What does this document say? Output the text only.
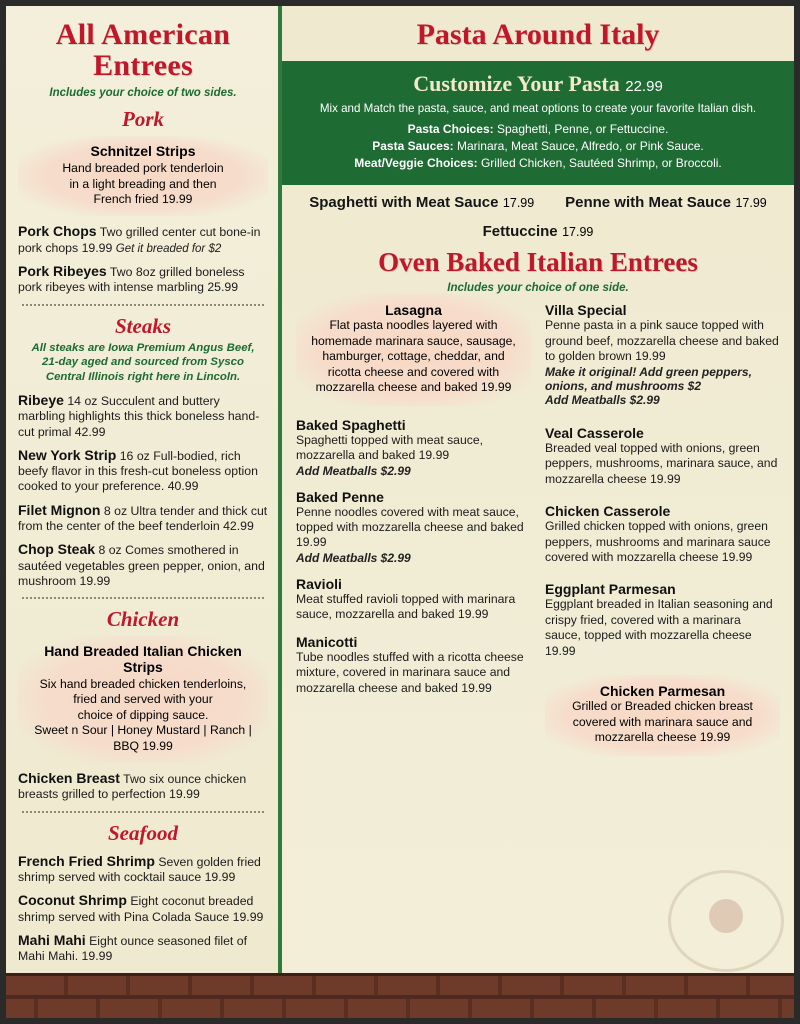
All American
Entrees
Includes your choice of two sides.
Pork
Schnitzel Strips
Hand breaded pork tenderloin
in a light breading and then
French fried 19.99
Pork Chops Two grilled center cut bone-in pork chops 19.99 Get it breaded for $2
Pork Ribeyes Two 8oz grilled boneless pork ribeyes with intense marbling 25.99
Steaks
All steaks are Iowa Premium Angus Beef, 21-day aged and sourced from Sysco Central Illinois right here in Lincoln.
Ribeye 14 oz Succulent and buttery marbling highlights this thick boneless hand-cut primal 42.99
New York Strip 16 oz Full-bodied, rich beefy flavor in this fresh-cut boneless option cooked to your preference. 40.99
Filet Mignon 8 oz Ultra tender and thick cut from the center of the beef tenderloin 42.99
Chop Steak 8 oz Comes smothered in sautéed vegetables green pepper, onion, and mushroom 19.99
Chicken
Hand Breaded Italian Chicken Strips
Six hand breaded chicken tenderloins,
fried and served with your
choice of dipping sauce.
Sweet n Sour | Honey Mustard | Ranch | BBQ 19.99
Chicken Breast Two six ounce chicken breasts grilled to perfection 19.99
Seafood
French Fried Shrimp Seven golden fried shrimp served with cocktail sauce 19.99
Coconut Shrimp Eight coconut breaded shrimp served with Pina Colada Sauce 19.99
Mahi Mahi Eight ounce seasoned filet of Mahi Mahi. 19.99
Pasta Around Italy
Customize Your Pasta 22.99
Mix and Match the pasta, sauce, and meat options to create your favorite Italian dish.
Pasta Choices: Spaghetti, Penne, or Fettuccine.
Pasta Sauces: Marinara, Meat Sauce, Alfredo, or Pink Sauce.
Meat/Veggie Choices: Grilled Chicken, Sautéed Shrimp, or Broccoli.
Spaghetti with Meat Sauce 17.99 Penne with Meat Sauce 17.99
Fettuccine 17.99
Oven Baked Italian Entrees
Includes your choice of one side.
Lasagna
Flat pasta noodles layered with homemade marinara sauce, sausage, hamburger, cottage, cheddar, and ricotta cheese and covered with mozzarella cheese and baked 19.99
Baked Spaghetti
Spaghetti topped with meat sauce, mozzarella and baked 19.99
Add Meatballs $2.99
Baked Penne
Penne noodles covered with meat sauce, topped with mozzarella cheese and baked 19.99
Add Meatballs $2.99
Ravioli
Meat stuffed ravioli topped with marinara sauce, mozzarella and baked 19.99
Manicotti
Tube noodles stuffed with a ricotta cheese mixture, covered in marinara sauce and mozzarella cheese and baked 19.99
Villa Special
Penne pasta in a pink sauce topped with ground beef, mozzarella cheese and baked to golden brown 19.99
Make it original! Add green peppers, onions, and mushrooms $2
Add Meatballs $2.99
Veal Casserole
Breaded veal topped with onions, green peppers, mushrooms, marinara sauce, and mozzarella cheese 19.99
Chicken Casserole
Grilled chicken topped with onions, green peppers, mushrooms and marinara sauce covered with mozzarella cheese 19.99
Eggplant Parmesan
Eggplant breaded in Italian seasoning and crispy fried, covered with a marinara sauce, topped with mozzarella cheese 19.99
Chicken Parmesan
Grilled or Breaded chicken breast covered with marinara sauce and mozzarella cheese 19.99
